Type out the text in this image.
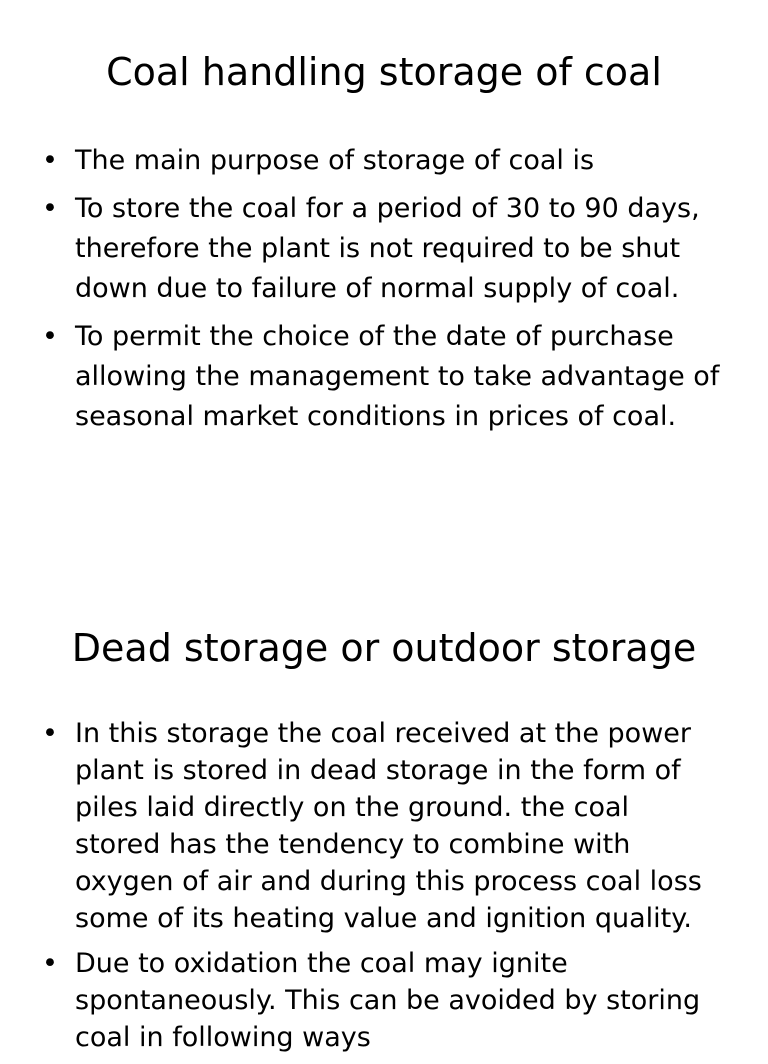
Coal handling storage of coal
• The main purpose of storage of coal is
• To store the coal for a period of 30 to 90 days, therefore the plant is not required to be shut down due to failure of normal supply of coal.
• To permit the choice of the date of purchase allowing the management to take advantage of seasonal market conditions in prices of coal.
Dead storage or outdoor storage
• In this storage the coal received at the power plant is stored in dead storage in the form of piles laid directly on the ground. the coal stored has the tendency to combine with oxygen of air and during this process coal loss some of its heating value and ignition quality.
• Due to oxidation the coal may ignite spontaneously. This can be avoided by storing coal in following ways
